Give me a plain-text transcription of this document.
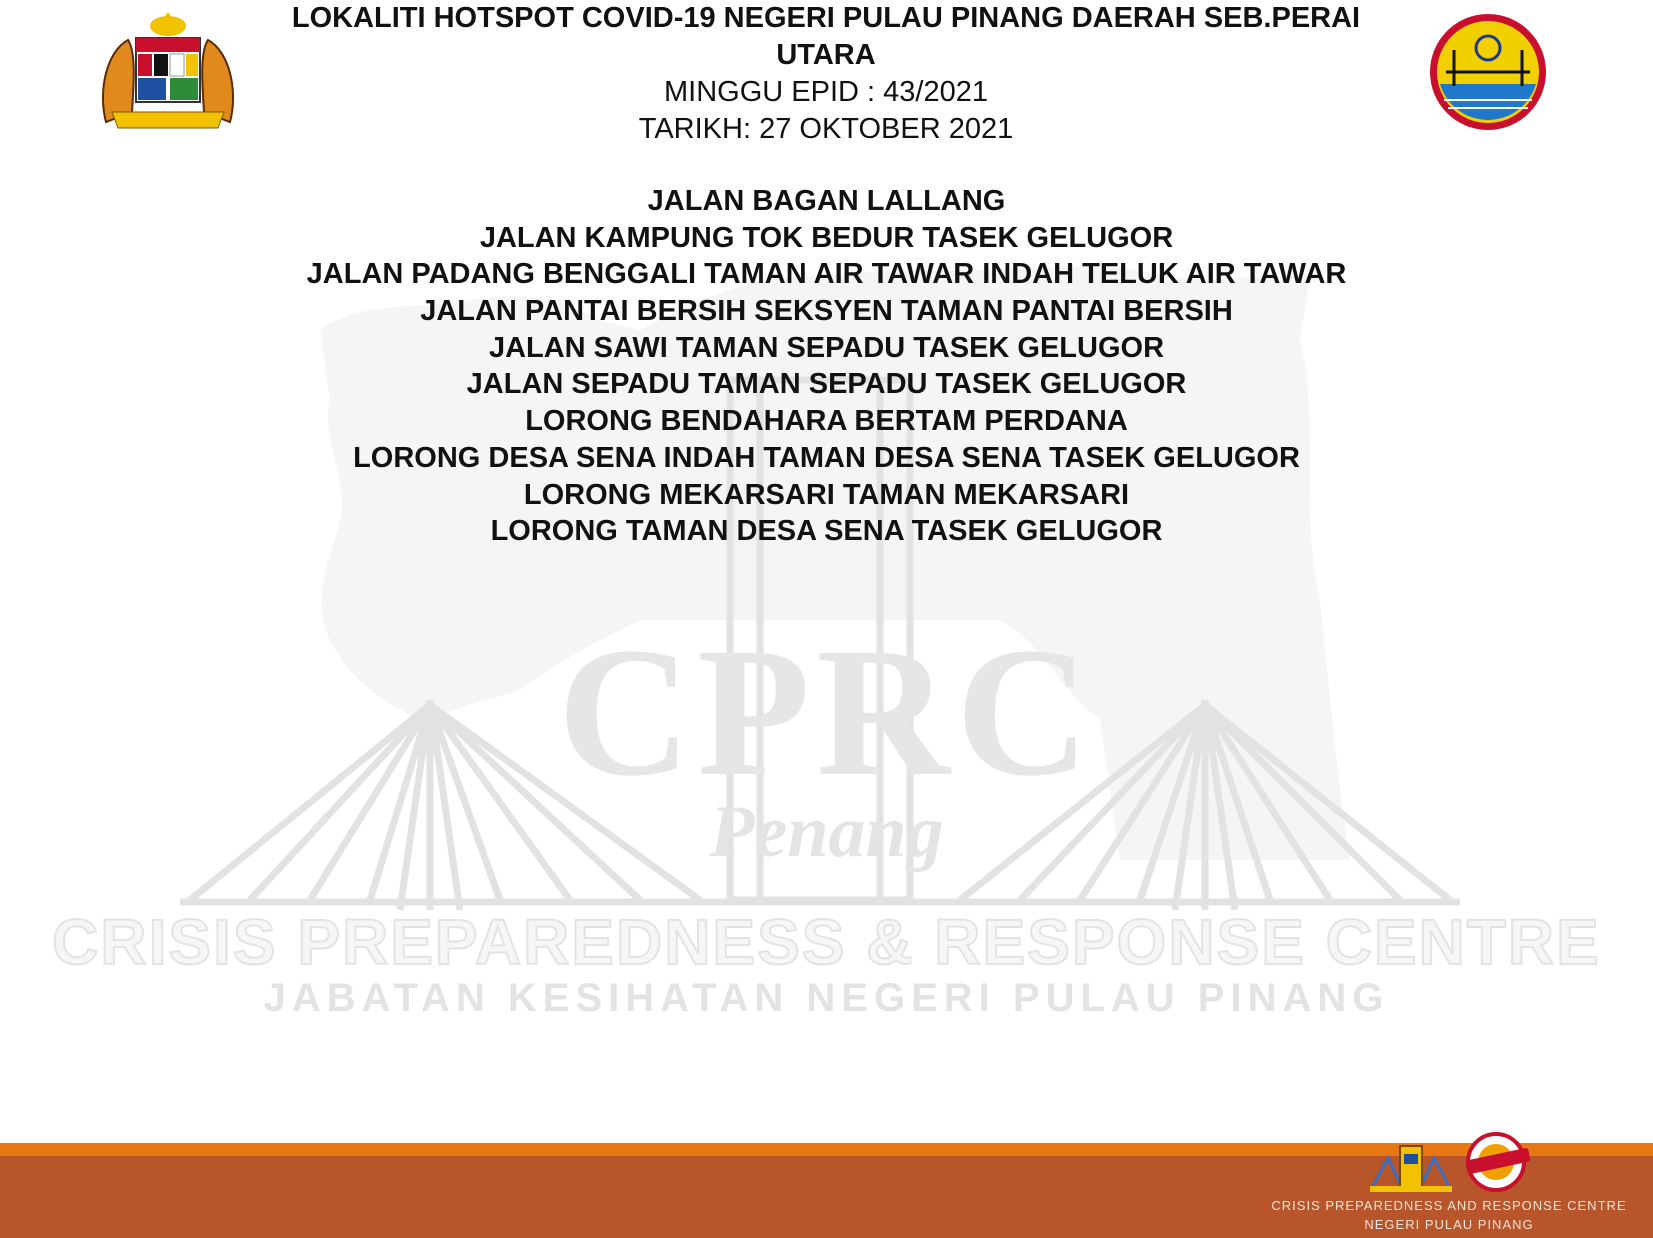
CPRC
Penang
CRISIS PREPAREDNESS & RESPONSE CENTRE
JABATAN KESIHATAN NEGERI PULAU PINANG
LOKALITI HOTSPOT COVID-19 NEGERI PULAU PINANG DAERAH SEB.PERAI UTARA
MINGGU EPID : 43/2021
TARIKH: 27 OKTOBER 2021
JALAN BAGAN LALLANG
JALAN KAMPUNG TOK BEDUR TASEK GELUGOR
JALAN PADANG BENGGALI TAMAN AIR TAWAR INDAH TELUK AIR TAWAR
JALAN PANTAI BERSIH SEKSYEN TAMAN PANTAI BERSIH
JALAN SAWI TAMAN SEPADU TASEK GELUGOR
JALAN SEPADU TAMAN SEPADU TASEK GELUGOR
LORONG BENDAHARA BERTAM PERDANA
LORONG DESA SENA INDAH TAMAN DESA SENA TASEK GELUGOR
LORONG MEKARSARI TAMAN MEKARSARI
LORONG TAMAN DESA SENA TASEK GELUGOR
CRISIS PREPAREDNESS AND RESPONSE CENTRE
NEGERI PULAU PINANG
